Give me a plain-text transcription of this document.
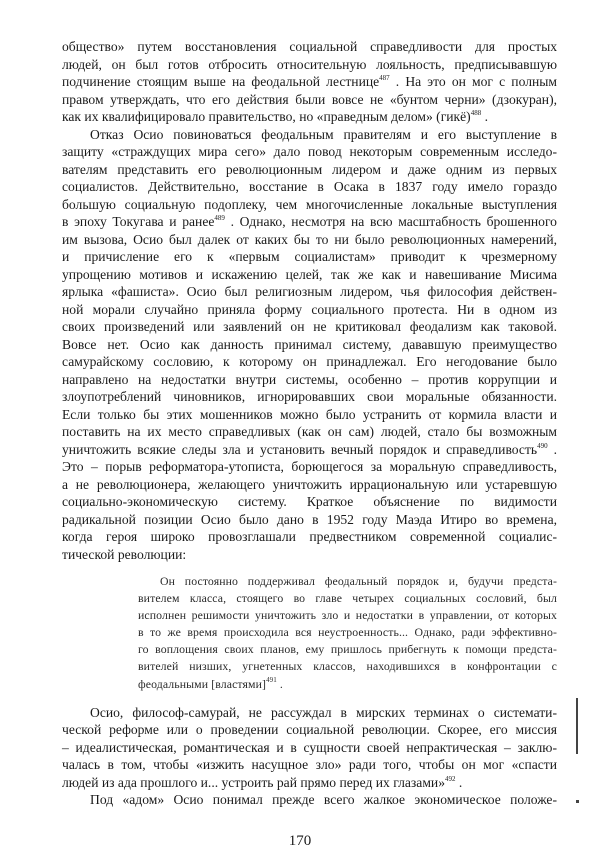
общество» путем восстановления социальной справедливости для простых
людей, он был готов отбросить относительную лояльность, предписывавшую
подчинение стоящим выше на феодальной лестнице$^{487}$ . На это он мог с полным
правом утверждать, что его действия были вовсе не «бунтом черни» (дзокуран),
как их квалифицировало правительство, но «праведным делом» (гикё)$^{488}$ .
Отказ Осио повиноваться феодальным правителям и его выступление в
защиту «страждущих мира сего» дало повод некоторым современным исследо-
вателям представить его революционным лидером и даже одним из первых
социалистов. Действительно, восстание в Осака в 1837 году имело гораздо
большую социальную подоплеку, чем многочисленные локальные выступления
в эпоху Токугава и ранее$^{489}$ . Однако, несмотря на всю масштабность брошенного
им вызова, Осио был далек от каких бы то ни было революционных намерений,
и причисление его к «первым социалистам» приводит к чрезмерному
упрощению мотивов и искажению целей, так же как и навешивание Мисима
ярлыка «фашиста». Осио был религиозным лидером, чья философия действен-
ной морали случайно приняла форму социального протеста. Ни в одном из
своих произведений или заявлений он не критиковал феодализм как таковой.
Вовсе нет. Осио как данность принимал систему, дававшую преимущество
самурайскому сословию, к которому он принадлежал. Его негодование было
направлено на недостатки внутри системы, особенно – против коррупции и
злоупотреблений чиновников, игнорировавших свои моральные обязанности.
Если только бы этих мошенников можно было устранить от кормила власти и
поставить на их место справедливых (как он сам) людей, стало бы возможным
уничтожить всякие следы зла и установить вечный порядок и справедливость$^{490}$ .
Это – порыв реформатора-утописта, борющегося за моральную справедливость,
а не революционера, желающего уничтожить иррациональную или устаревшую
социально-экономическую систему. Краткое объяснение по видимости
радикальной позиции Осио было дано в 1952 году Маэда Итиро во времена,
когда героя широко провозглашали предвестником современной социалис-
тической революции:
Он постоянно поддерживал феодальный порядок и, будучи предста-
вителем класса, стоящего во главе четырех социальных сословий, был
исполнен решимости уничтожить зло и недостатки в управлении, от которых
в то же время происходила вся неустроенность... Однако, ради эффективно-
го воплощения своих планов, ему пришлось прибегнуть к помощи предста-
вителей низших, угнетенных классов, находившихся в конфронтации с
феодальными [властями]$^{491}$ .
Осио, философ-самурай, не рассуждал в мирских терминах о системати-
ческой реформе или о проведении социальной революции. Скорее, его миссия
– идеалистическая, романтическая и в сущности своей непрактическая – заклю-
чалась в том, чтобы «изжить насущное зло» ради того, чтобы он мог «спасти
людей из ада прошлого и... устроить рай прямо перед их глазами»$^{492}$ .
Под «адом» Осио понимал прежде всего жалкое экономическое положе-
170
